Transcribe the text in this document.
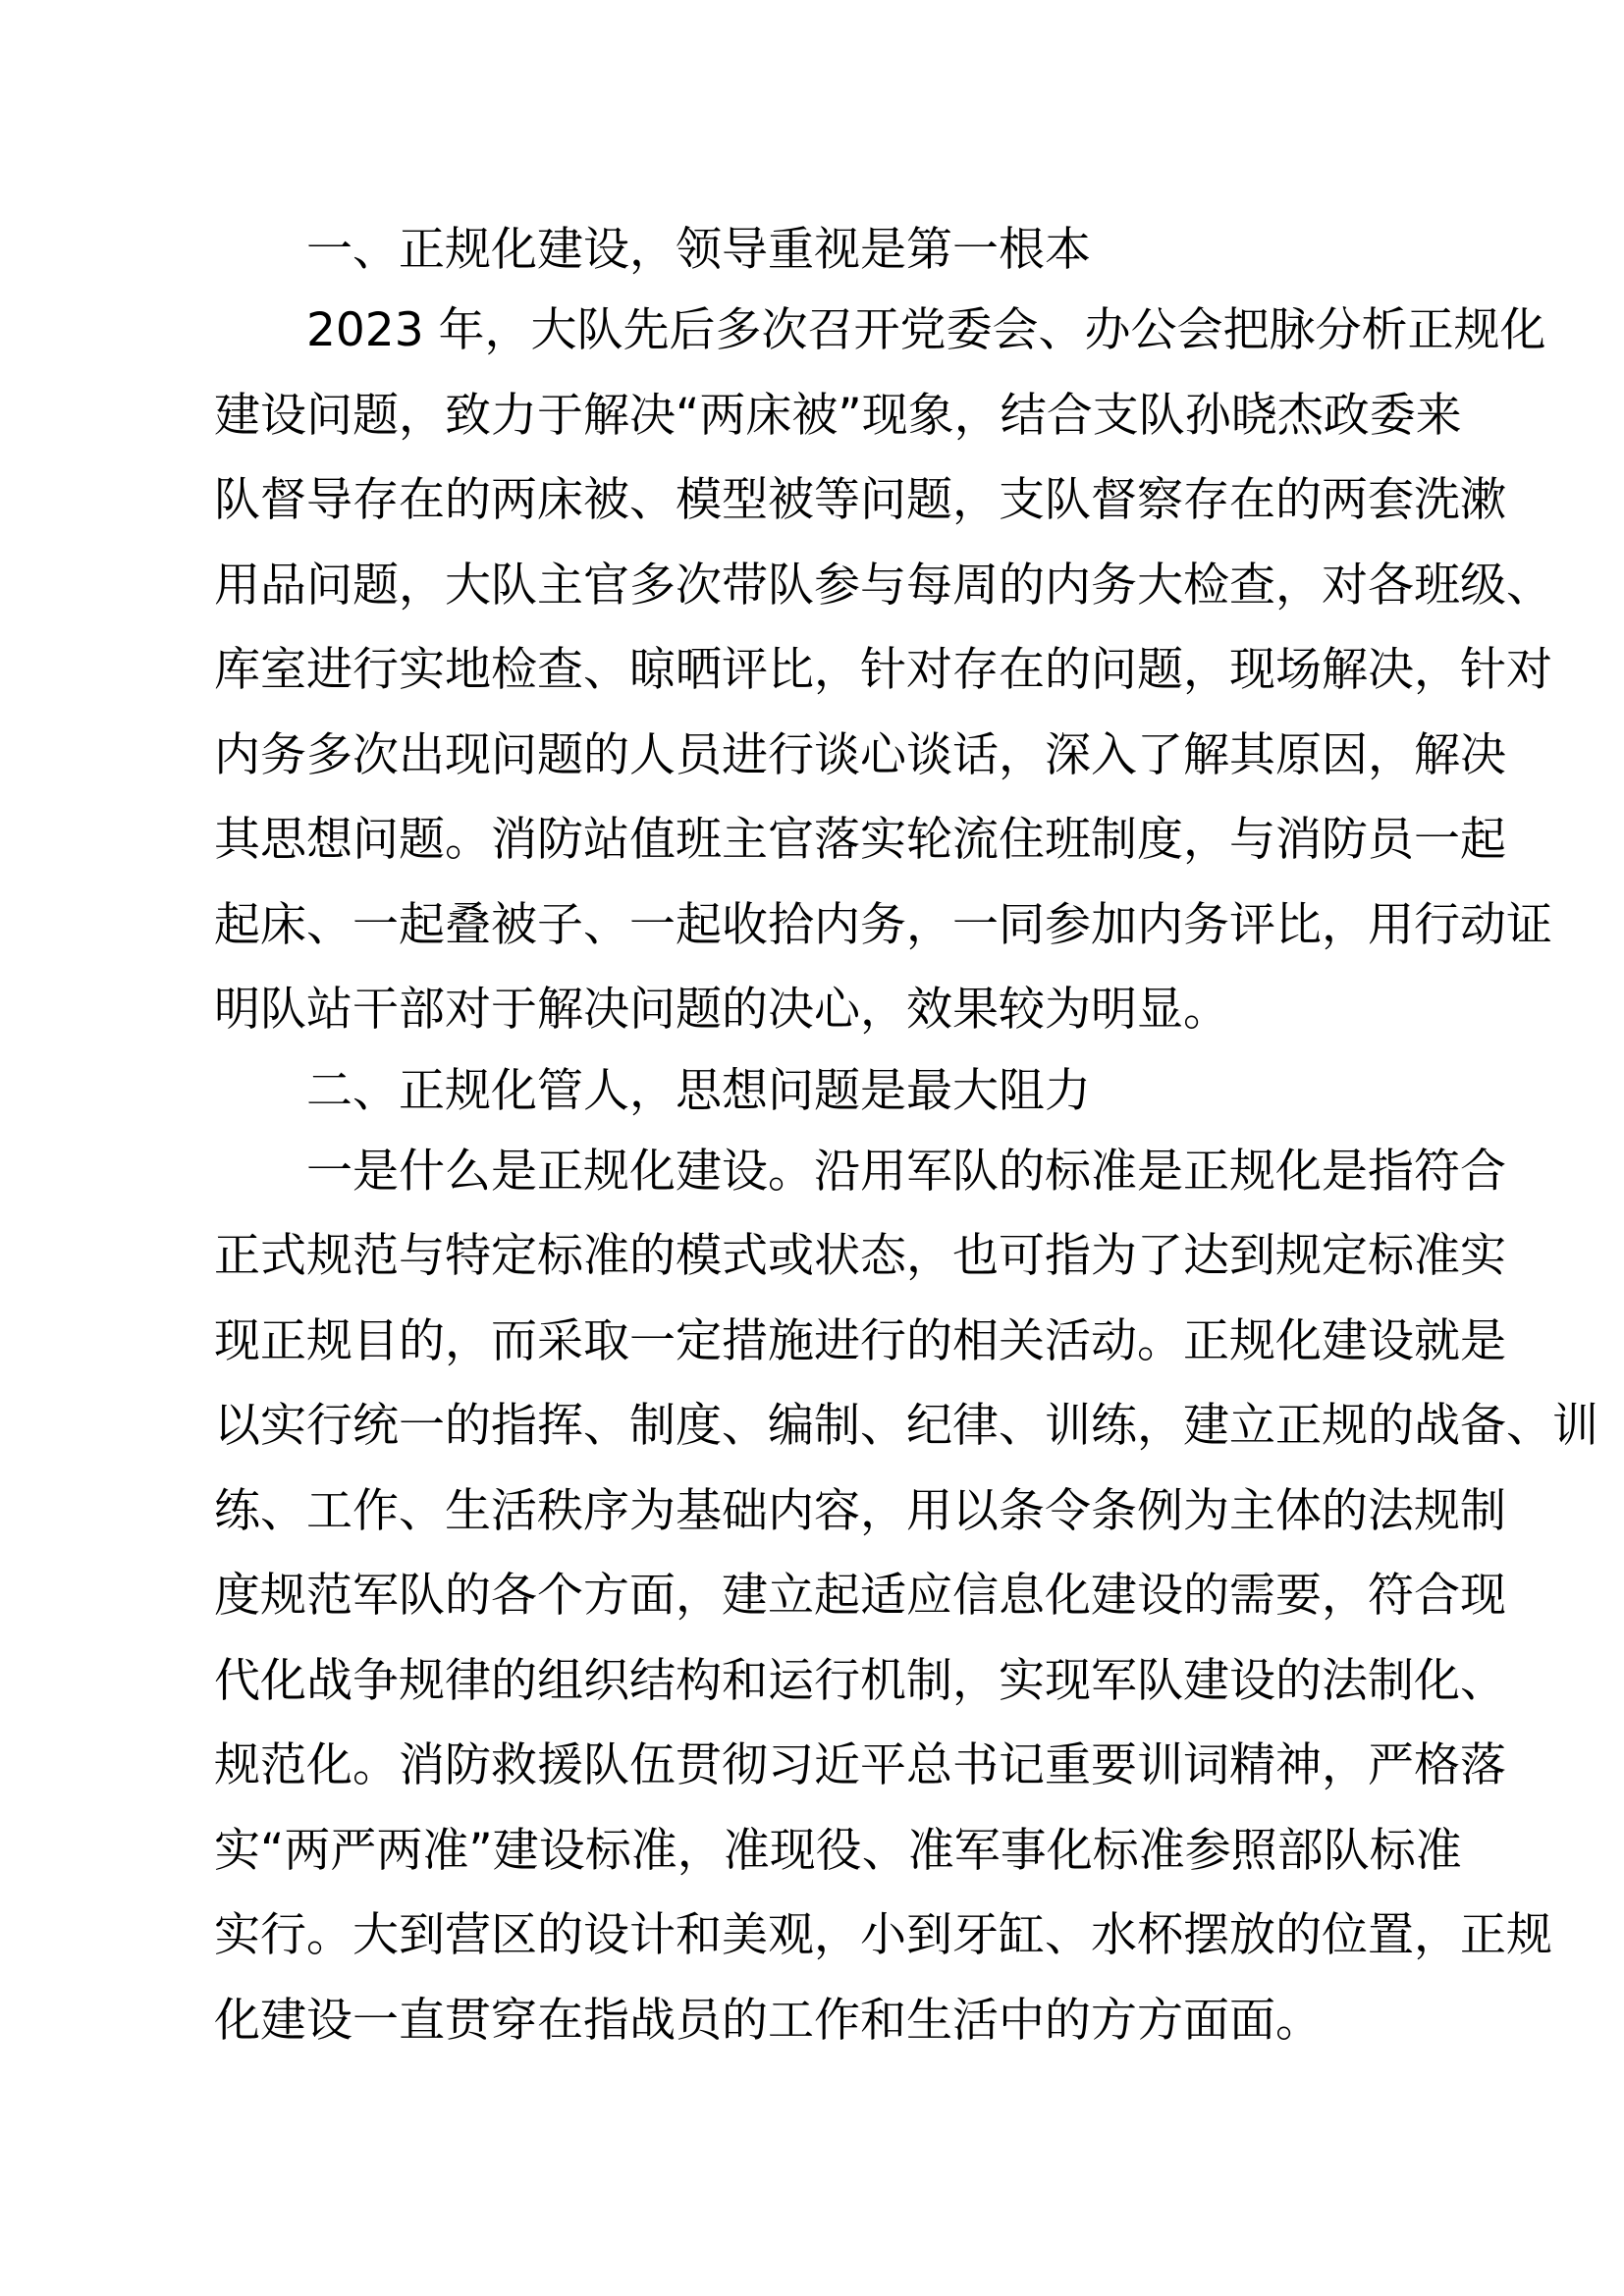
一、正规化建设，领导重视是第一根本
2023 年，大队先后多次召开党委会、办公会把脉分析正规化
建设问题，致力于解决“两床被”现象，结合支队孙晓杰政委来
队督导存在的两床被、模型被等问题，支队督察存在的两套洗漱
用品问题，大队主官多次带队参与每周的内务大检查，对各班级、
库室进行实地检查、晾晒评比，针对存在的问题，现场解决，针对
内务多次出现问题的人员进行谈心谈话，深入了解其原因，解决
其思想问题。消防站值班主官落实轮流住班制度，与消防员一起
起床、一起叠被子、一起收拾内务，一同参加内务评比，用行动证
明队站干部对于解决问题的决心，效果较为明显。
二、正规化管人，思想问题是最大阻力
一是什么是正规化建设。沿用军队的标准是正规化是指符合
正式规范与特定标准的模式或状态，也可指为了达到规定标准实
现正规目的，而采取一定措施进行的相关活动。正规化建设就是
以实行统一的指挥、制度、编制、纪律、训练，建立正规的战备、训
练、工作、生活秩序为基础内容，用以条令条例为主体的法规制
度规范军队的各个方面，建立起适应信息化建设的需要，符合现
代化战争规律的组织结构和运行机制，实现军队建设的法制化、
规范化。消防救援队伍贯彻习近平总书记重要训词精神，严格落
实“两严两准”建设标准，准现役、准军事化标准参照部队标准
实行。大到营区的设计和美观，小到牙缸、水杯摆放的位置，正规
化建设一直贯穿在指战员的工作和生活中的方方面面。
